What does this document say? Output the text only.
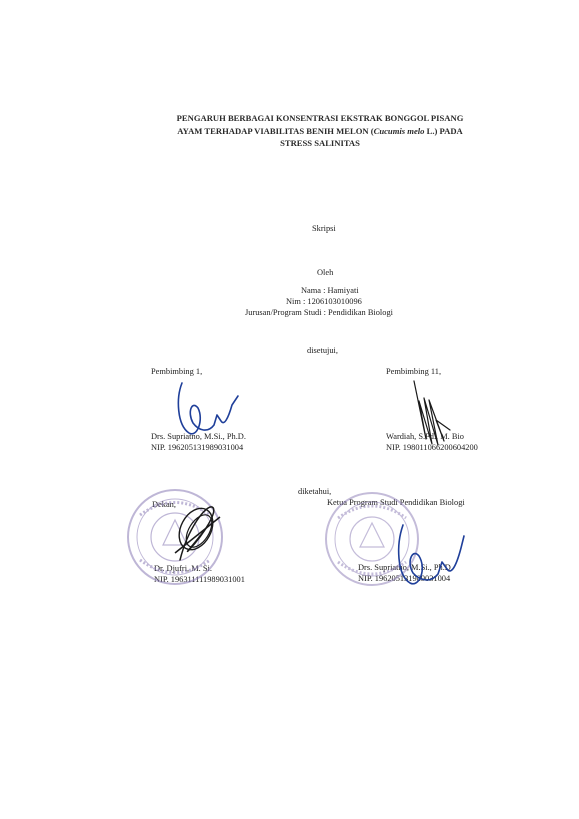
PENGARUH BERBAGAI KONSENTRASI EKSTRAK BONGGOL PISANG
AYAM TERHADAP VIABILITAS BENIH MELON (Cucumis melo L.) PADA
STRESS SALINITAS
Skripsi
Oleh
Nama : Hamiyati
Nim : 1206103010096
Jurusan/Program Studi : Pendidikan Biologi
disetujui,
Pembimbing 1,
Drs. Supriatno, M.Si., Ph.D.
NIP. 196205131989031004
Pembimbing 11,
Wardiah, S.Pd., M. Bio
NIP. 198011066200604200
diketahui,
Dekan,
Dr. Djufri, M. Si.
NIP. 196311111989031001
Ketua Program Studi Pendidikan Biologi
Drs. Supriatno, M.Si., Ph.D.
NIP. 196205131989031004
